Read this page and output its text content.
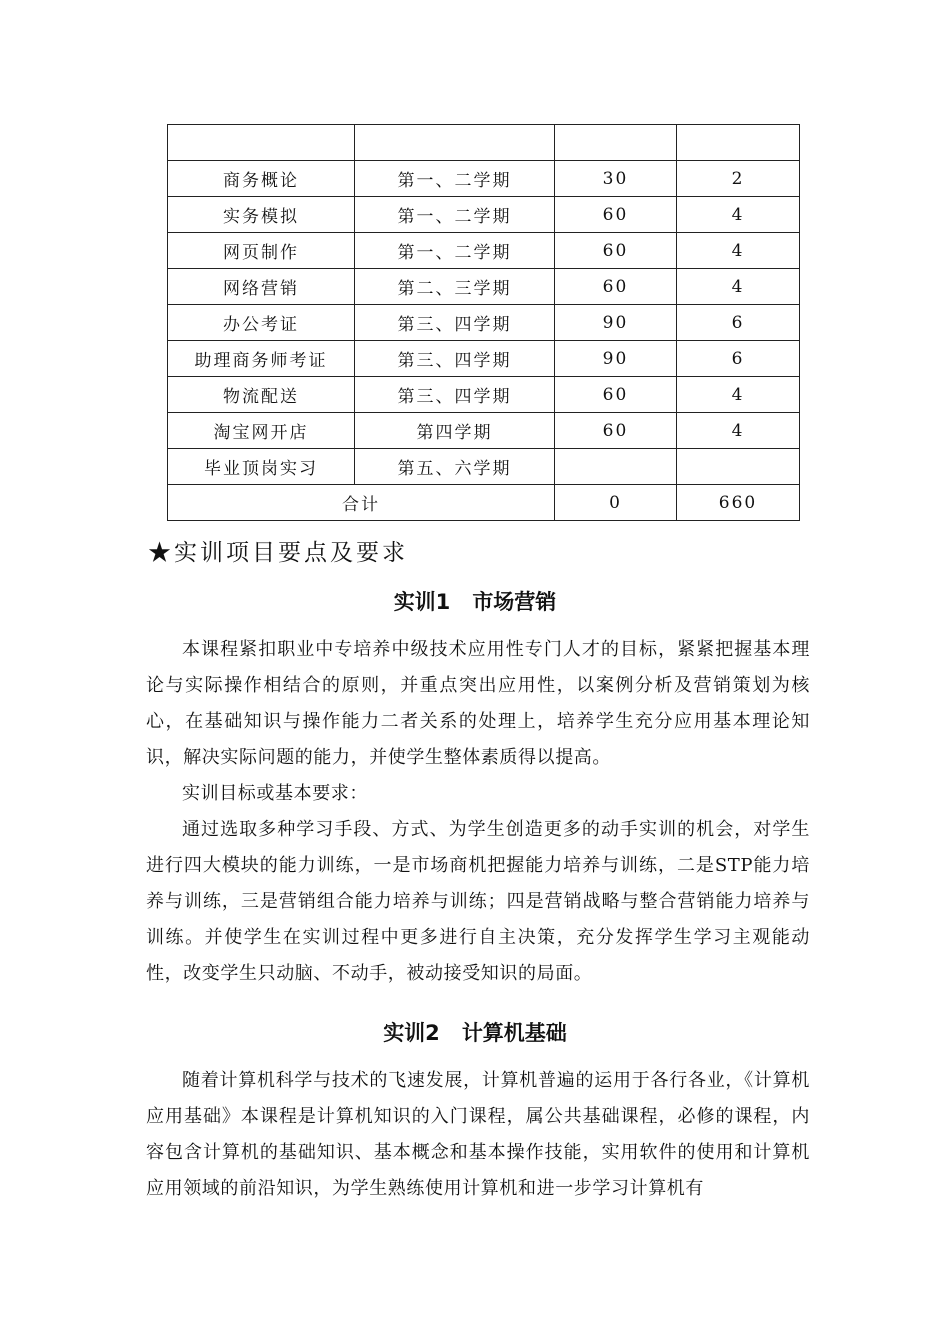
商务概论	第一、二学期	30	2
实务模拟	第一、二学期	60	4
网页制作	第一、二学期	60	4
网络营销	第二、三学期	60	4
办公考证	第三、四学期	90	6
助理商务师考证	第三、四学期	90	6
物流配送	第三、四学期	60	4
淘宝网开店	第四学期	60	4
毕业顶岗实习	第五、六学期		
合计		0	660
★实训项目要点及要求
实训1 市场营销

本课程紧扣职业中专培养中级技术应用性专门人才的目标，紧紧把握基本理论与实际操作相结合的原则，并重点突出应用性，以案例分析及营销策划为核心，在基础知识与操作能力二者关系的处理上，培养学生充分应用基本理论知识，解决实际问题的能力，并使学生整体素质得以提高。

实训目标或基本要求：

通过选取多种学习手段、方式、为学生创造更多的动手实训的机会，对学生进行四大模块的能力训练，一是市场商机把握能力培养与训练，二是STP能力培养与训练，三是营销组合能力培养与训练；四是营销战略与整合营销能力培养与训练。并使学生在实训过程中更多进行自主决策，充分发挥学生学习主观能动性，改变学生只动脑、不动手，被动接受知识的局面。

实训2 计算机基础

随着计算机科学与技术的飞速发展，计算机普遍的运用于各行各业，《计算机应用基础》本课程是计算机知识的入门课程，属公共基础课程，必修的课程，内容包含计算机的基础知识、基本概念和基本操作技能，实用软件的使用和计算机应用领域的前沿知识，为学生熟练使用计算机和进一步学习计算机有
